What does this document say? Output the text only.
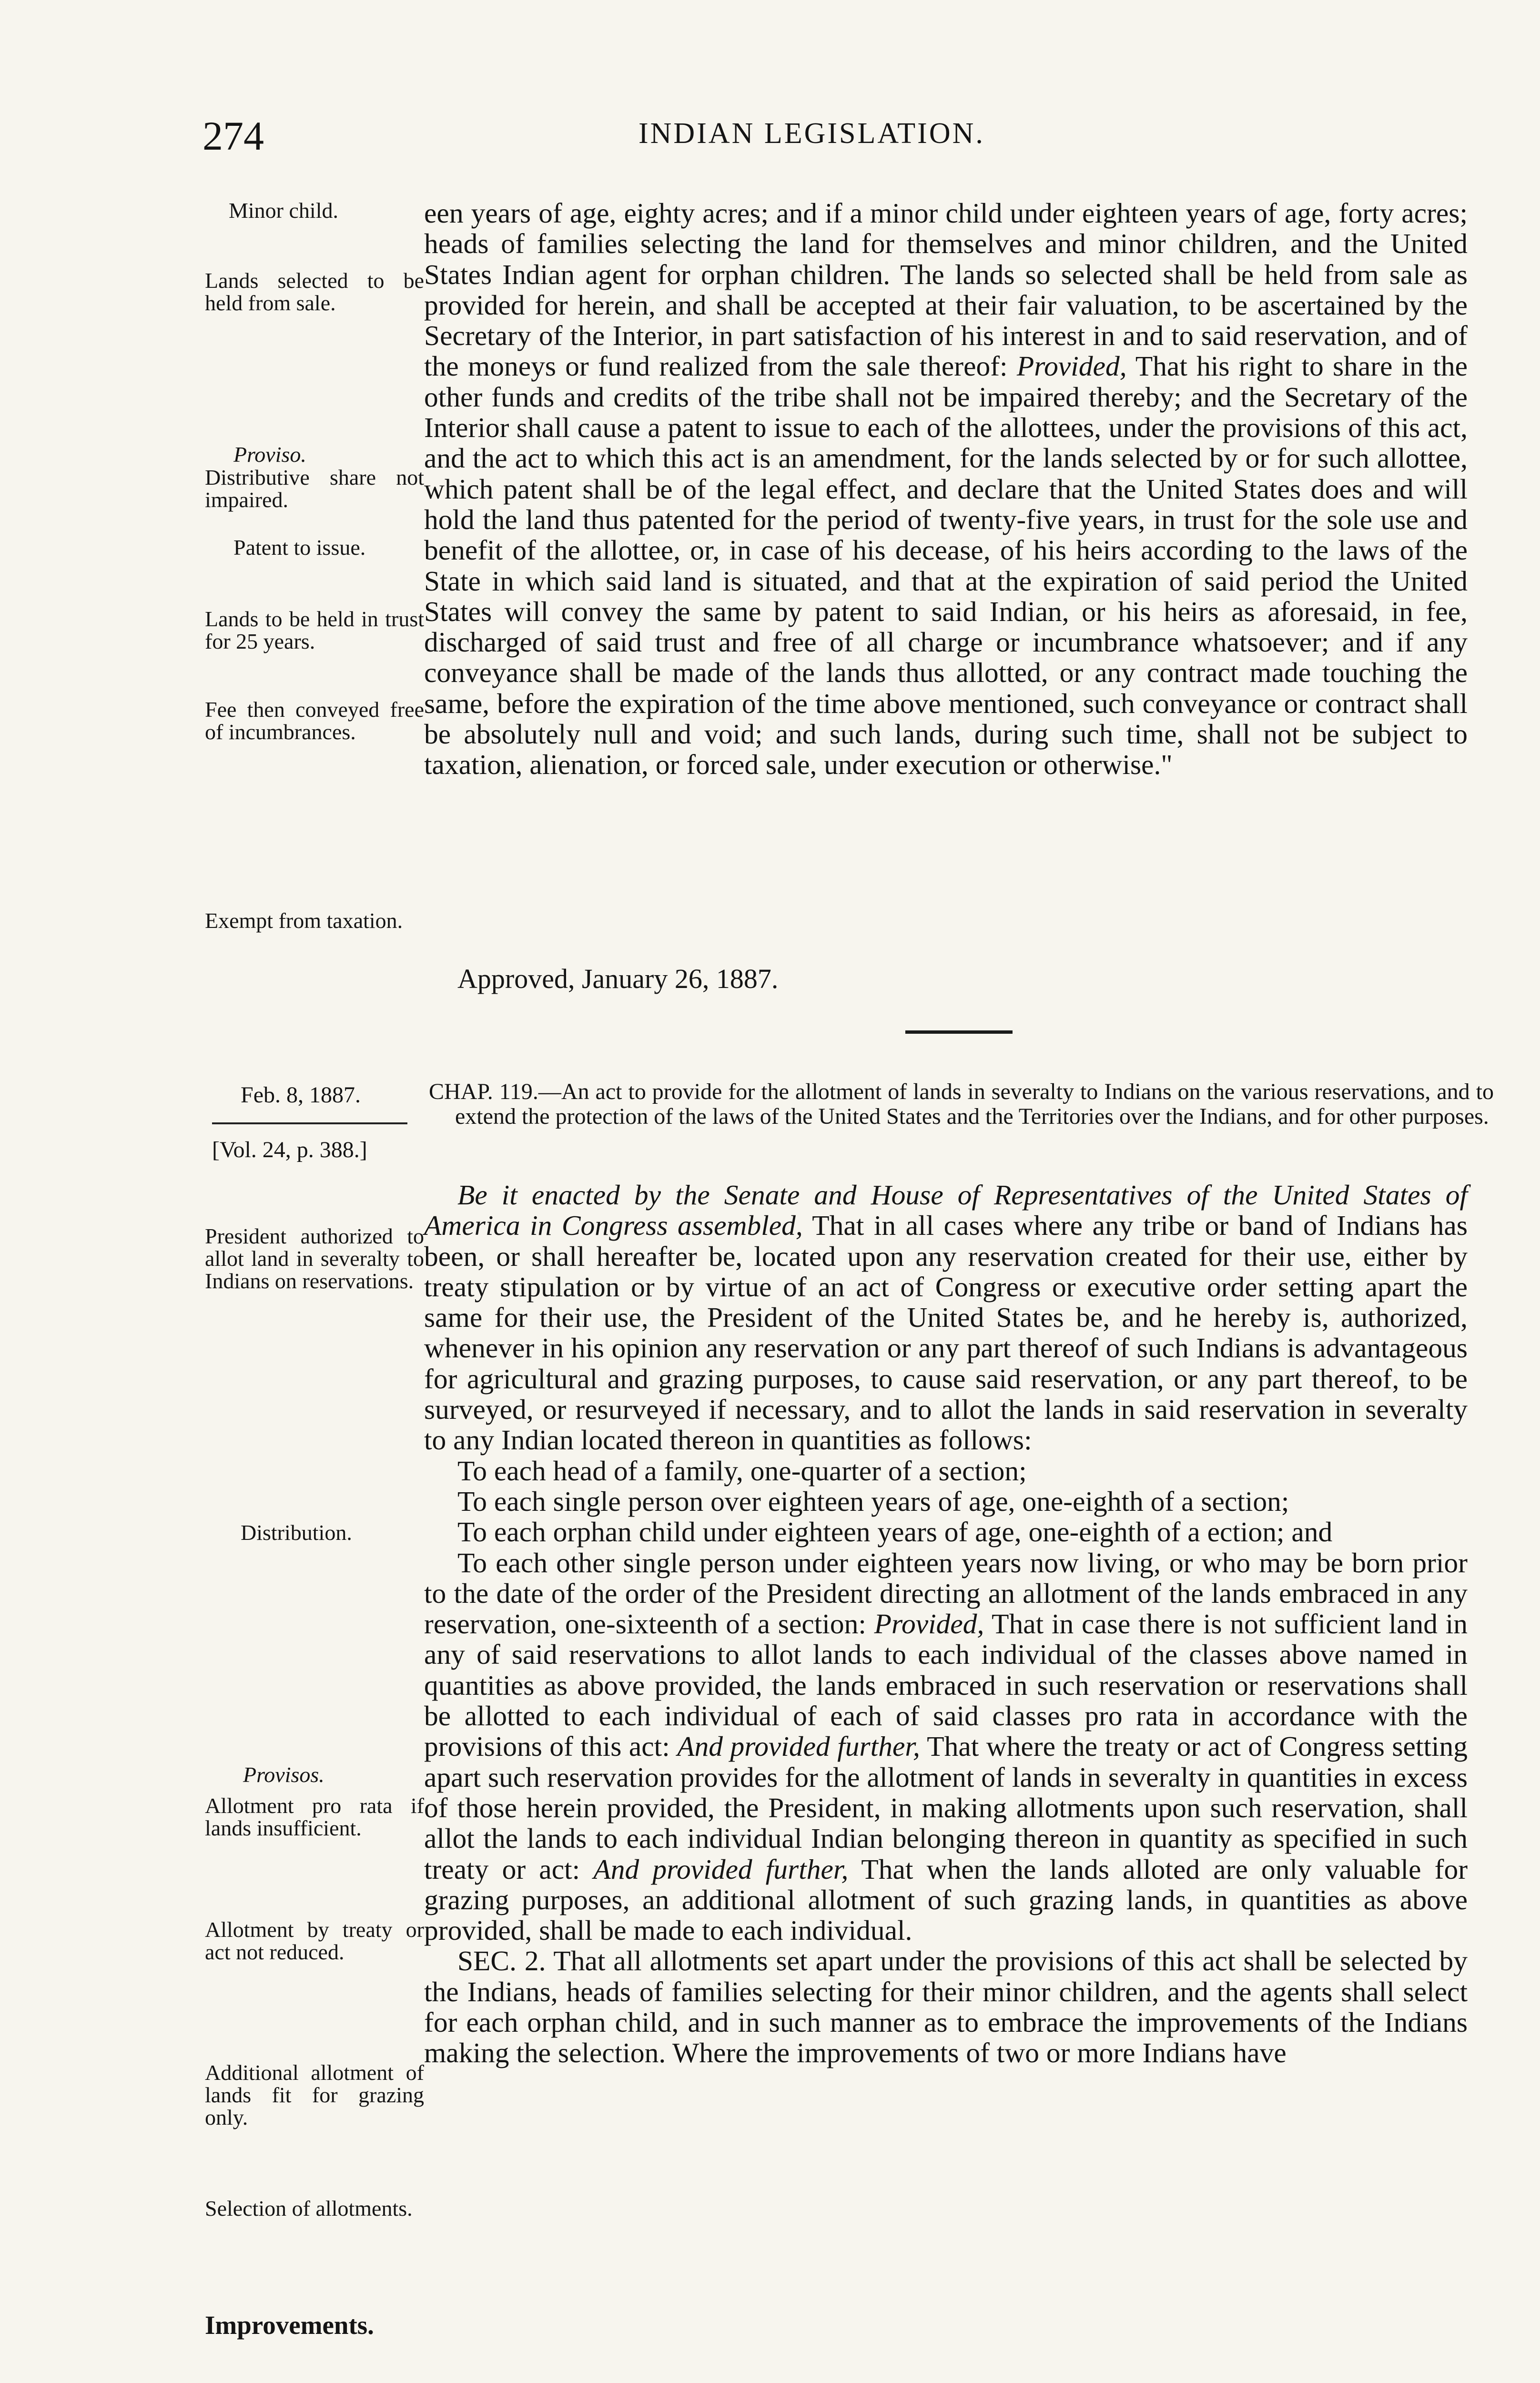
274	INDIAN LEGISLATION.
Minor child.
Lands selected to be held from sale.
Proviso.
Distributive share not impaired.
Patent to issue.
Lands to be held in trust for 25 years.
Fee then conveyed free of incumbrances.
Exempt from taxation.

een years of age, eighty acres; and if a minor child under eighteen years of age, forty acres; heads of families selecting the land for themselves and minor children, and the United States Indian agent for orphan children. The lands so selected shall be held from sale as provided for herein, and shall be accepted at their fair valuation, to be ascertained by the Secretary of the Interior, in part satisfaction of his interest in and to said reservation, and of the moneys or fund realized from the sale thereof: Provided, That his right to share in the other funds and credits of the tribe shall not be impaired thereby; and the Secretary of the Interior shall cause a patent to issue to each of the allottees, under the provisions of this act, and the act to which this act is an amendment, for the lands selected by or for such allottee, which patent shall be of the legal effect, and declare that the United States does and will hold the land thus patented for the period of twenty-five years, in trust for the sole use and benefit of the allottee, or, in case of his decease, of his heirs according to the laws of the State in which said land is situated, and that at the expiration of said period the United States will convey the same by patent to said Indian, or his heirs as aforesaid, in fee, discharged of said trust and free of all charge or incumbrance whatsoever; and if any conveyance shall be made of the lands thus allotted, or any contract made touching the same, before the expiration of the time above mentioned, such conveyance or contract shall be absolutely null and void; and such lands, during such time, shall not be subject to taxation, alienation, or forced sale, under execution or otherwise."

Approved, January 26, 1887.
Feb. 8, 1887.
[Vol. 24, p. 388.]
CHAP. 119.—An act to provide for the allotment of lands in severalty to Indians on the various reservations, and to extend the protection of the laws of the United States and the Territories over the Indians, and for other purposes.
President authorized to allot land in severalty to Indians on reservations.
Distribution.
Provisos.
Allotment pro rata if lands insufficient.
Allotment by treaty or act not reduced.
Additional allotment of lands fit for grazing only.
Selection of allotments.
Improvements.

Be it enacted by the Senate and House of Representatives of the United States of America in Congress assembled, That in all cases where any tribe or band of Indians has been, or shall hereafter be, located upon any reservation created for their use, either by treaty stipulation or by virtue of an act of Congress or executive order setting apart the same for their use, the President of the United States be, and he hereby is, authorized, whenever in his opinion any reservation or any part thereof of such Indians is advantageous for agricultural and grazing purposes, to cause said reservation, or any part thereof, to be surveyed, or resurveyed if necessary, and to allot the lands in said reservation in severalty to any Indian located thereon in quantities as follows:

To each head of a family, one-quarter of a section;

To each single person over eighteen years of age, one-eighth of a section;

To each orphan child under eighteen years of age, one-eighth of a ection; and

To each other single person under eighteen years now living, or who may be born prior to the date of the order of the President directing an allotment of the lands embraced in any reservation, one-sixteenth of a section: Provided, That in case there is not sufficient land in any of said reservations to allot lands to each individual of the classes above named in quantities as above provided, the lands embraced in such reservation or reservations shall be allotted to each individual of each of said classes pro rata in accordance with the provisions of this act: And provided further, That where the treaty or act of Congress setting apart such reservation provides for the allotment of lands in severalty in quantities in excess of those herein provided, the President, in making allotments upon such reservation, shall allot the lands to each individual Indian belonging thereon in quantity as specified in such treaty or act: And provided further, That when the lands alloted are only valuable for grazing purposes, an additional allotment of such grazing lands, in quantities as above provided, shall be made to each individual.

SEC. 2. That all allotments set apart under the provisions of this act shall be selected by the Indians, heads of families selecting for their minor children, and the agents shall select for each orphan child, and in such manner as to embrace the improvements of the Indians making the selection. Where the improvements of two or more Indians have
